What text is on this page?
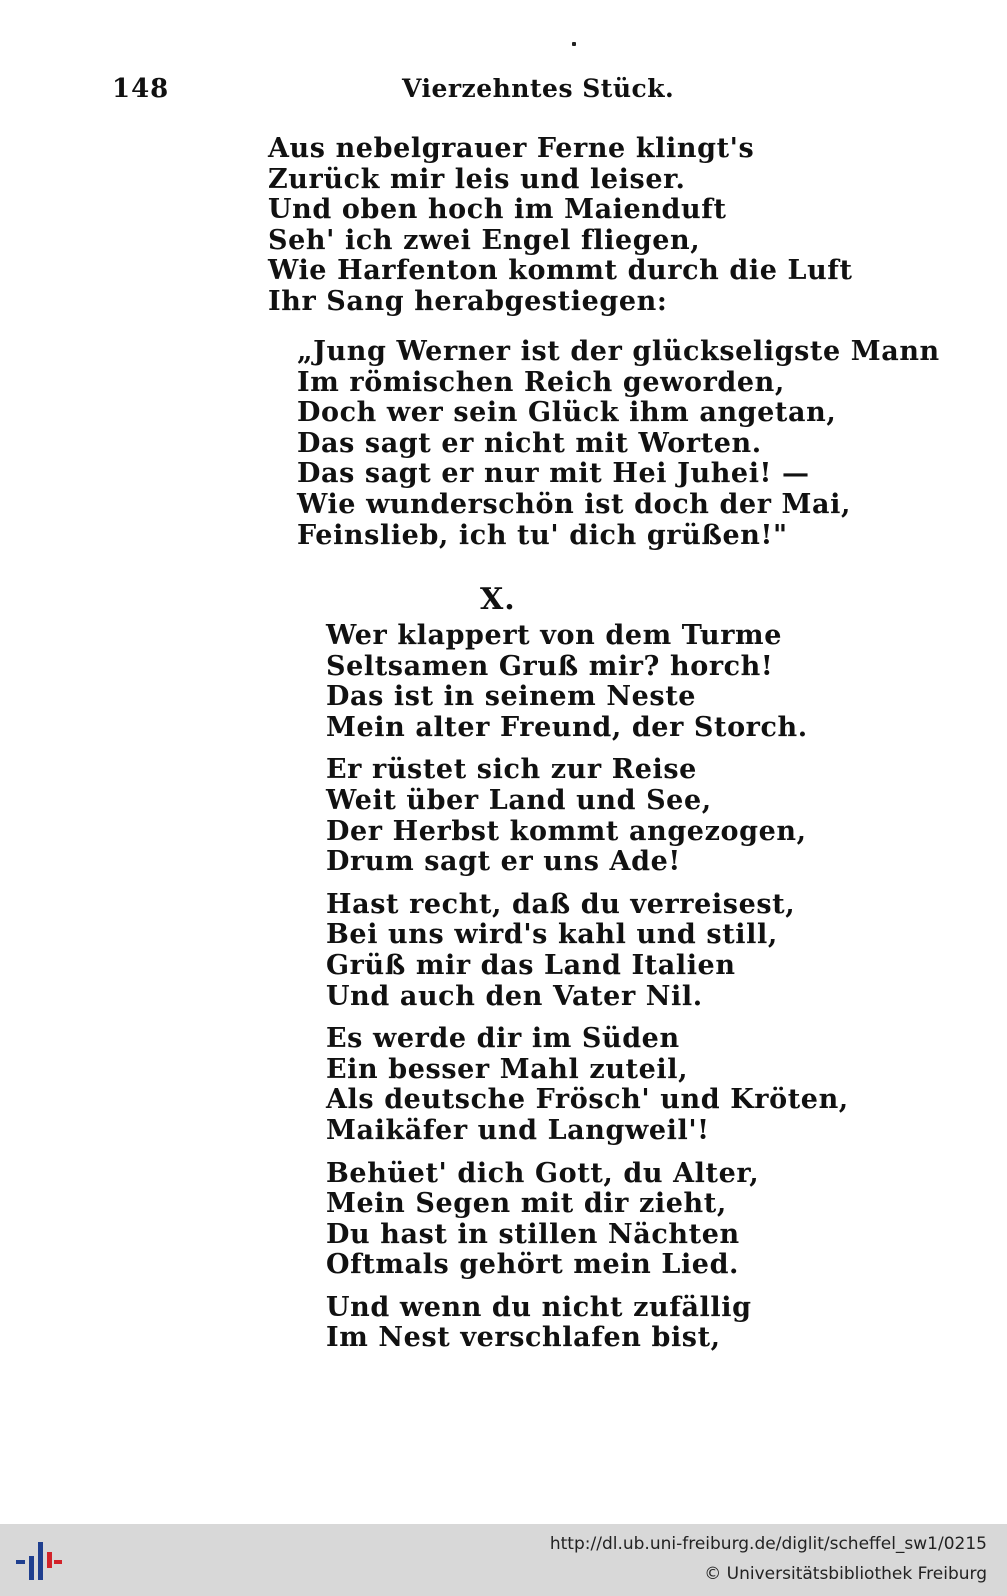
148	Vierzehntes Stück.
Aus nebelgrauer Ferne klingt's
Zurück mir leis und leiser.
Und oben hoch im Maienduft
Seh' ich zwei Engel fliegen,
Wie Harfenton kommt durch die Luft
Ihr Sang herabgestiegen:
„Jung Werner ist der glückseligste Mann
Im römischen Reich geworden,
Doch wer sein Glück ihm angetan,
Das sagt er nicht mit Worten.
Das sagt er nur mit Hei Juhei! —
Wie wunderschön ist doch der Mai,
Feinslieb, ich tu' dich grüßen!"
X.
Wer klappert von dem Turme
Seltsamen Gruß mir? horch!
Das ist in seinem Neste
Mein alter Freund, der Storch.
Er rüstet sich zur Reise
Weit über Land und See,
Der Herbst kommt angezogen,
Drum sagt er uns Ade!
Hast recht, daß du verreisest,
Bei uns wird's kahl und still,
Grüß mir das Land Italien
Und auch den Vater Nil.
Es werde dir im Süden
Ein besser Mahl zuteil,
Als deutsche Frösch' und Kröten,
Maikäfer und Langweil'!
Behüet' dich Gott, du Alter,
Mein Segen mit dir zieht,
Du hast in stillen Nächten
Oftmals gehört mein Lied.
Und wenn du nicht zufällig
Im Nest verschlafen bist,
http://dl.ub.uni-freiburg.de/diglit/scheffel_sw1/0215
© Universitätsbibliothek Freiburg
